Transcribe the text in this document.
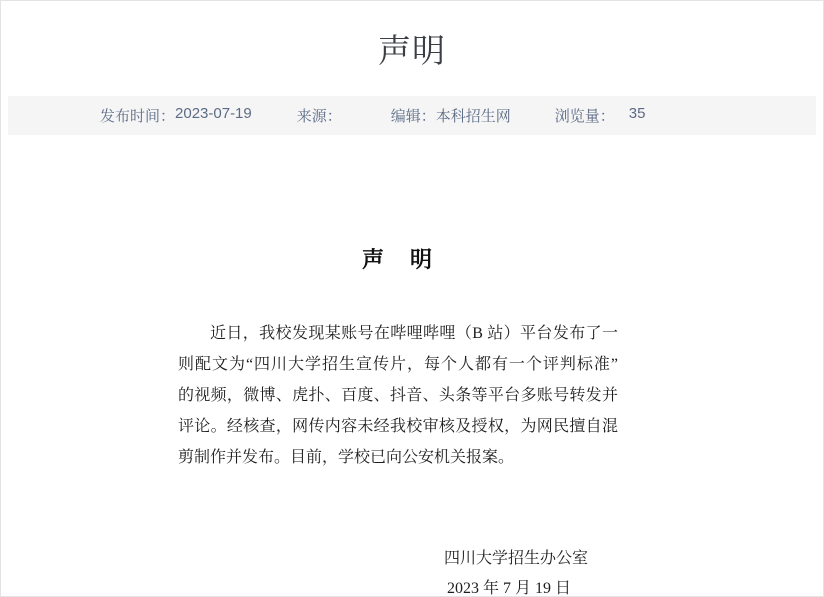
声明
发布时间： 2023-07-19	来源：	编辑： 本科招生网	浏览量： 35
声　明
近日，我校发现某账号在哔哩哔哩（B 站）平台发布了一
则配文为“四川大学招生宣传片，每个人都有一个评判标准”
的视频，微博、虎扑、百度、抖音、头条等平台多账号转发并
评论。经核查，网传内容未经我校审核及授权，为网民擅自混
剪制作并发布。目前，学校已向公安机关报案。
四川大学招生办公室
2023 年 7 月 19 日
